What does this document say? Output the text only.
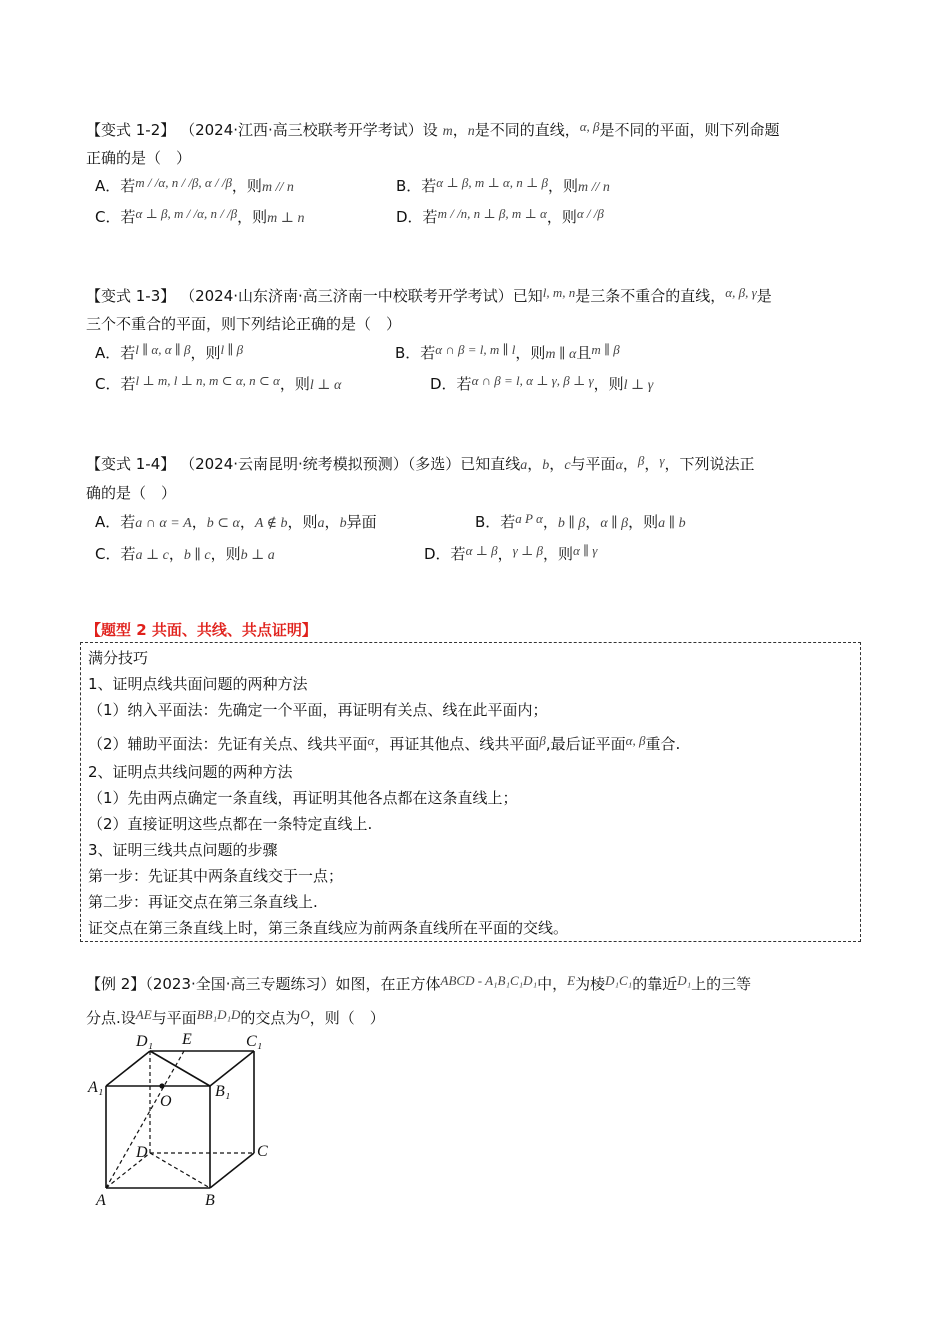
【变式 1-2】 （2024·江西·高三校联考开学考试）设 m，n是不同的直线，α, β是不同的平面，则下列命题
正确的是（　）
A．若m / /α, n / /β, α / /β，则m // n	B．若α ⊥ β, m ⊥ α, n ⊥ β，则m // n
C．若α ⊥ β, m / /α, n / /β，则m ⊥ n	D．若m / /n, n ⊥ β, m ⊥ α，则α / /β
【变式 1-3】 （2024·山东济南·高三济南一中校联考开学考试）已知l, m, n是三条不重合的直线，α, β, γ是
三个不重合的平面，则下列结论正确的是（　）
A．若l ∥ α, α ∥ β，则l ∥ β	B．若α ∩ β = l, m ∥ l，则m ∥ α且m ∥ β
C．若l ⊥ m, l ⊥ n, m ⊂ α, n ⊂ α，则l ⊥ α	D．若α ∩ β = l, α ⊥ γ, β ⊥ γ，则l ⊥ γ
【变式 1-4】 （2024·云南昆明·统考模拟预测）（多选）已知直线a，b，c与平面α，β，γ，下列说法正
确的是（　）
A．若a ∩ α = A，b ⊂ α，A ∉ b，则a，b异面	B．若a P α，b ∥ β，α ∥ β，则a ∥ b
C．若a ⊥ c，b ∥ c，则b ⊥ a	D．若α ⊥ β，γ ⊥ β，则α ∥ γ
【题型 2 共面、共线、共点证明】
满分技巧
1、证明点线共面问题的两种方法
（1）纳入平面法：先确定一个平面，再证明有关点、线在此平面内；
（2）辅助平面法：先证有关点、线共平面α，再证其他点、线共平面β,最后证平面α, β重合.
2、证明点共线问题的两种方法
（1）先由两点确定一条直线，再证明其他各点都在这条直线上；
（2）直接证明这些点都在一条特定直线上.
3、证明三线共点问题的步骤
第一步：先证其中两条直线交于一点；
第二步：再证交点在第三条直线上.
证交点在第三条直线上时，第三条直线应为前两条直线所在平面的交线。
【例 2】（2023·全国·高三专题练习）如图，在正方体ABCD - A₁B₁C₁D₁中，E为棱D₁C₁的靠近D₁上的三等
分点.设AE与平面BB₁D₁D的交点为O，则（　）
D₁ E	C₁
A₁	B₁
O
D	C
A	B
